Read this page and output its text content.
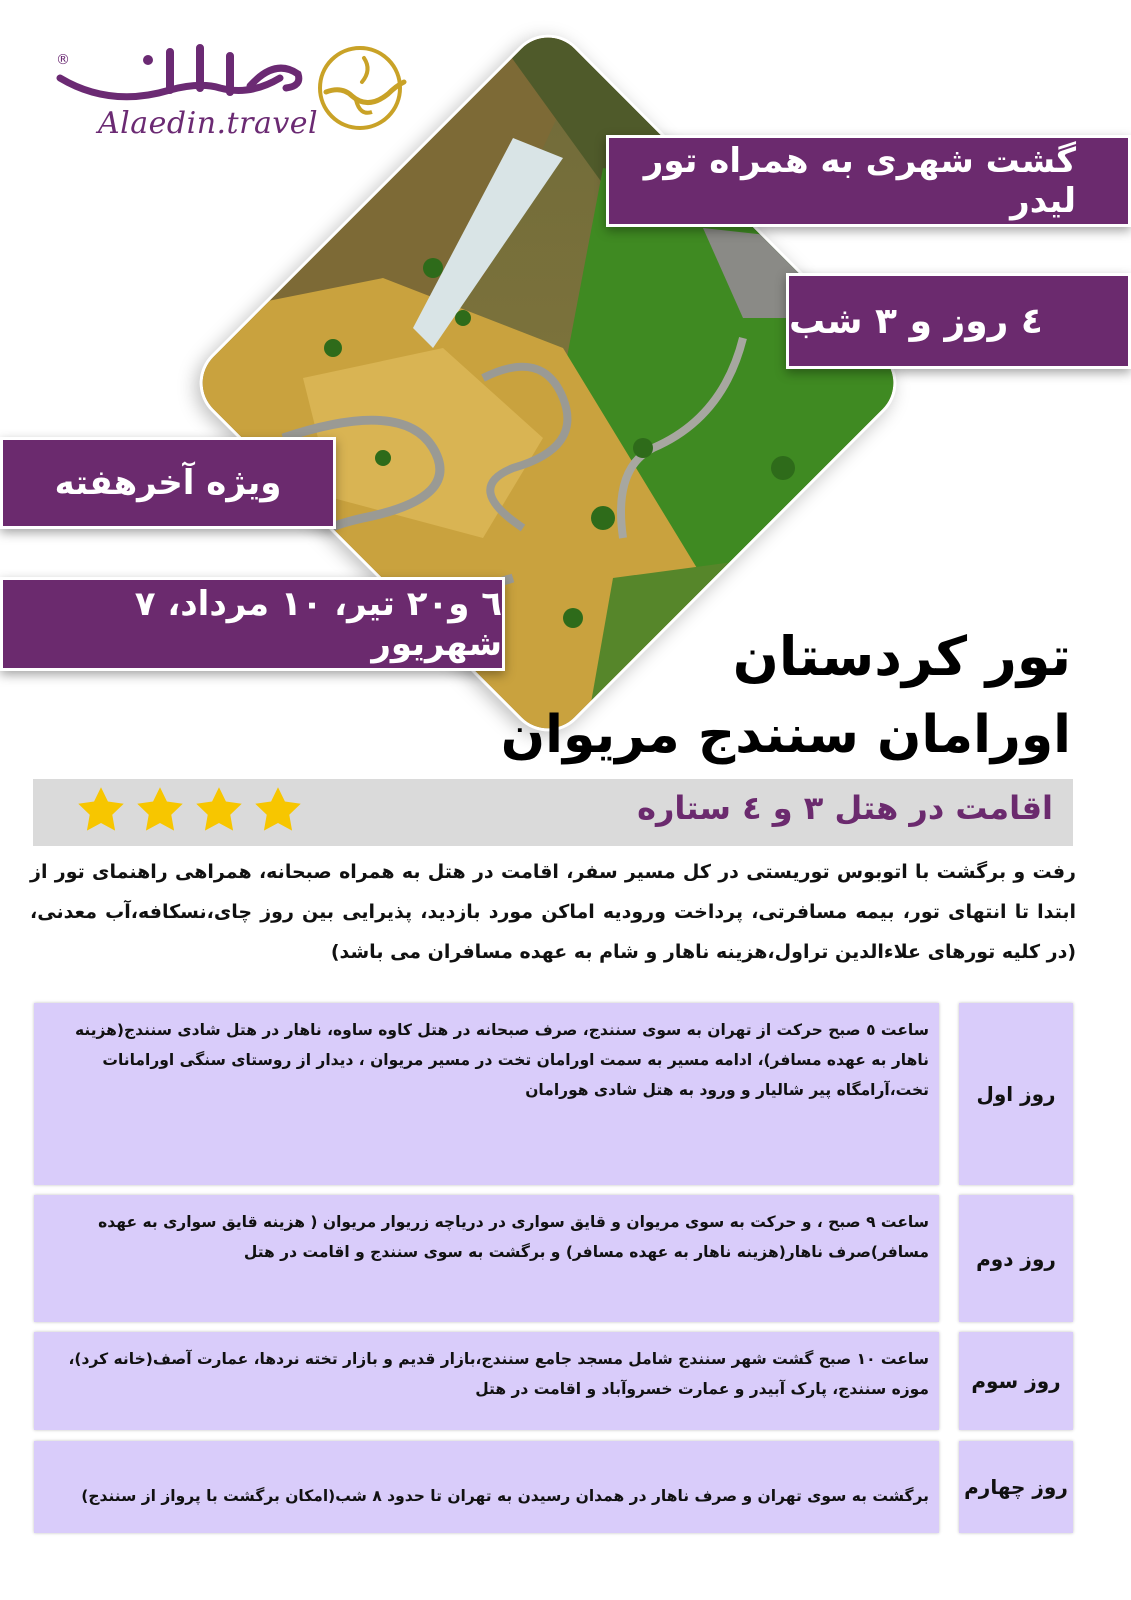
®
Alaedin.travel
گشت شهری به همراه تور لیدر
٤ روز و ٣ شب
ویژه آخرهفته
٦ و٢٠ تیر، ١٠ مرداد، ٧ شهریور	تور کردستان
اورامان سنندج مریوان
اقامت در هتل ٣ و ٤ ستاره
رفت و برگشت با اتوبوس توریستی در کل مسیر سفر، اقامت در هتل به همراه صبحانه، همراهی راهنمای تور از ابتدا تا انتهای تور، بیمه مسافرتی، پرداخت ورودیه اماکن مورد بازدید، پذیرایی بین روز چای،نسکافه،آب معدنی،(در کلیه تورهای علاءالدین تراول،هزینه ناهار و شام به عهده مسافران می باشد)
ساعت ٥ صبح حرکت از تهران به سوی سنندج، صرف صبحانه در هتل کاوه ساوه، ناهار در هتل شادی سنندج(هزینه ناهار به عهده مسافر)، ادامه مسیر به سمت اورامان تخت در مسیر مریوان ، دیدار از روستای سنگی اورامانات تخت،آرامگاه پیر شالیار و ورود به هتل شادی هورامان	روز اول
ساعت ٩ صبح ، و حرکت به سوی مریوان و قایق سواری در دریاچه زریوار مریوان ( هزینه قایق سواری به عهده مسافر)صرف ناهار(هزینه ناهار به عهده مسافر) و برگشت به سوی سنندج و اقامت در هتل	روز دوم
ساعت ١٠ صبح گشت شهر سنندج شامل مسجد جامع سنندج،بازار قدیم و بازار تخته نردها، عمارت آصف(خانه کرد)، موزه سنندج، پارک آبیدر و عمارت خسروآباد و اقامت در هتل	روز سوم
برگشت به سوی تهران و صرف ناهار در همدان رسیدن به تهران تا حدود ٨ شب(امکان برگشت با پرواز از سنندج)	روز چهارم
